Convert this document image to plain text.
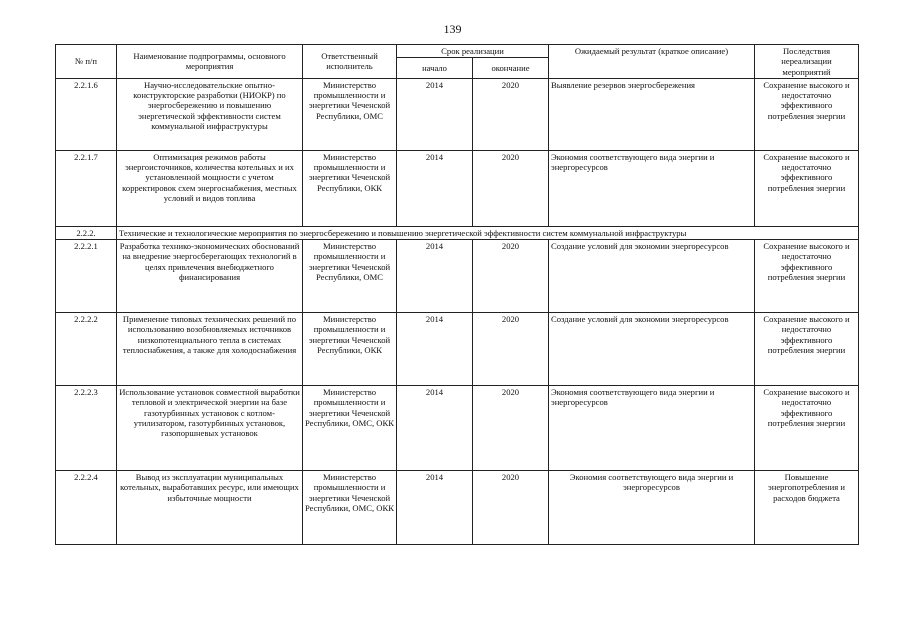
139
№ п/п	Наименование подпрограммы, основного мероприятия	Ответственный исполнитель	Срок реализации		Ожидаемый результат (краткое описание)	Последствия нереализации мероприятий
			начало	окончание		
2.2.1.6	Научно-исследовательские опытно-конструкторские разработки (НИОКР) по энергосбережению и повышению энергетической эффективности систем коммунальной инфраструктуры	Министерство промышленности и энергетики Чеченской Республики, ОМС	2014	2020	Выявление резервов энергосбережения	Сохранение высокого и недостаточно эффективного потребления энергии
2.2.1.7	Оптимизация режимов работы энергоисточников, количества котельных и их установленной мощности с учетом корректировок схем энергоснабжения, местных условий и видов топлива	Министерство промышленности и энергетики Чеченской Республики, ОКК	2014	2020	Экономия соответствующего вида энергии и энергоресурсов	Сохранение высокого и недостаточно эффективного потребления энергии
2.2.2.	Технические и технологические мероприятия по энергосбережению и повышению энергетической эффективности систем коммунальной инфраструктуры					
2.2.2.1	Разработка технико-экономических обоснований на внедрение энергосберегающих технологий в целях привлечения внебюджетного финансирования	Министерство промышленности и энергетики Чеченской Республики, ОМС	2014	2020	Создание условий для экономии энергоресурсов	Сохранение высокого и недостаточно эффективного потребления энергии
2.2.2.2	Применение типовых технических решений по использованию возобновляемых источников низкопотенциального тепла в системах теплоснабжения, а также для холодоснабжения	Министерство промышленности и энергетики Чеченской Республики, ОКК	2014	2020	Создание условий для экономии энергоресурсов	Сохранение высокого и недостаточно эффективного потребления энергии
2.2.2.3	Использование установок совместной выработки тепловой и электрической энергии на базе газотурбинных установок с котлом-утилизатором, газотурбинных установок, газопоршневых установок	Министерство промышленности и энергетики Чеченской Республики, ОМС, ОКК	2014	2020	Экономия соответствующего вида энергии и энергоресурсов	Сохранение высокого и недостаточно эффективного потребления энергии
2.2.2.4	Вывод из эксплуатации муниципальных котельных, выработавших ресурс, или имеющих избыточные мощности	Министерство промышленности и энергетики Чеченской Республики, ОМС, ОКК	2014	2020	Экономия соответствующего вида энергии и энергоресурсов	Повышение энергопотребления и расходов бюджета
